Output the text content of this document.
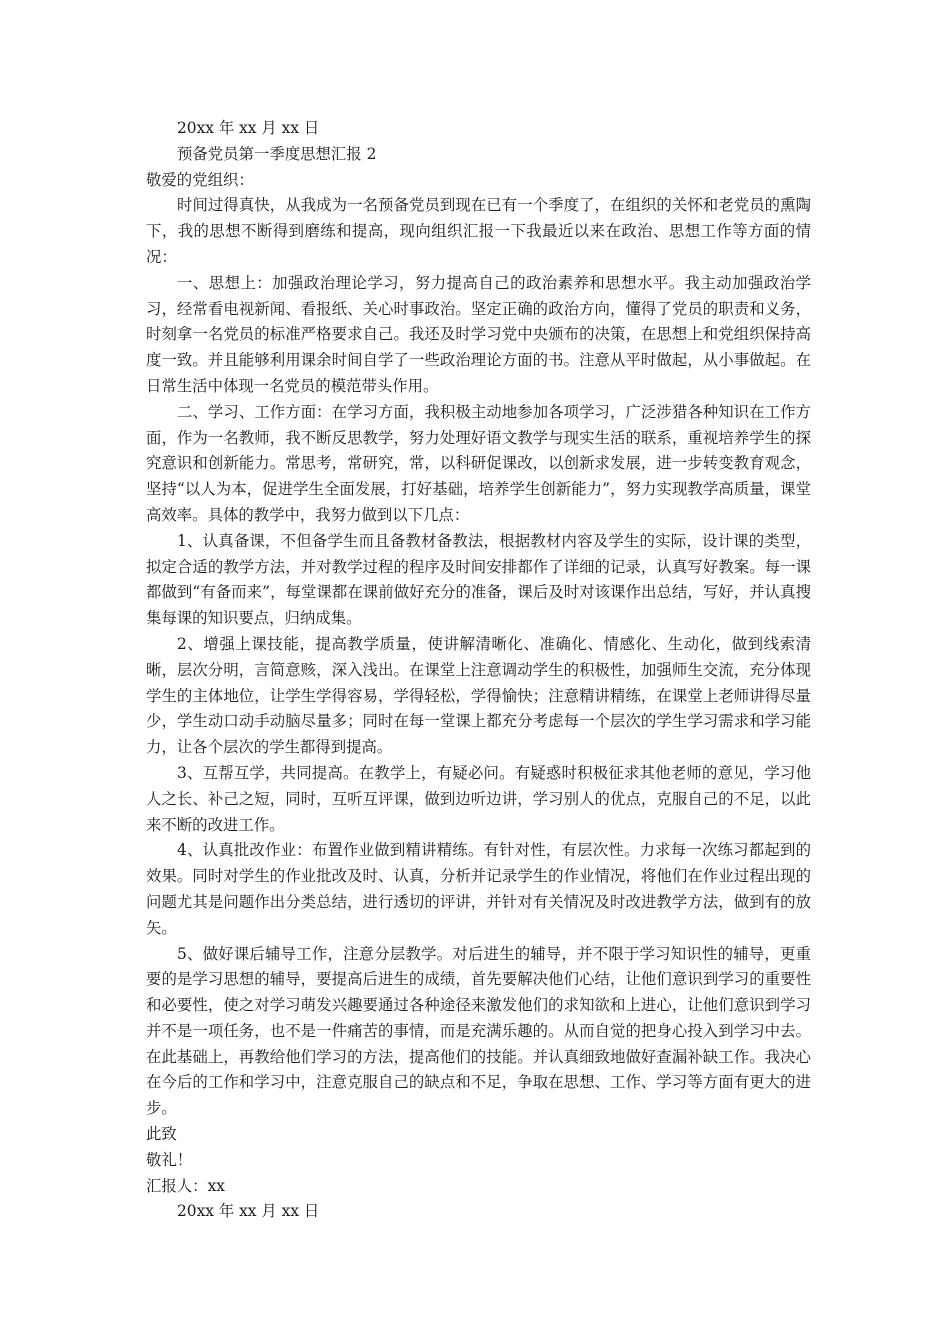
20xx 年 xx 月 xx 日
预备党员第一季度思想汇报 2
敬爱的党组织：

时间过得真快，从我成为一名预备党员到现在已有一个季度了，在组织的关怀和老党员的熏陶下，我的思想不断得到磨练和提高，现向组织汇报一下我最近以来在政治、思想工作等方面的情况：

一、思想上：加强政治理论学习，努力提高自己的政治素养和思想水平。我主动加强政治学习，经常看电视新闻、看报纸、关心时事政治。坚定正确的政治方向，懂得了党员的职责和义务，时刻拿一名党员的标准严格要求自己。我还及时学习党中央颁布的决策，在思想上和党组织保持高度一致。并且能够利用课余时间自学了一些政治理论方面的书。注意从平时做起，从小事做起。在日常生活中体现一名党员的模范带头作用。

二、学习、工作方面：在学习方面，我积极主动地参加各项学习，广泛涉猎各种知识在工作方面，作为一名教师，我不断反思教学，努力处理好语文教学与现实生活的联系，重视培养学生的探究意识和创新能力。常思考，常研究，常，以科研促课改，以创新求发展，进一步转变教育观念，坚持“以人为本，促进学生全面发展，打好基础，培养学生创新能力”，努力实现教学高质量，课堂高效率。具体的教学中，我努力做到以下几点：

1、认真备课，不但备学生而且备教材备教法，根据教材内容及学生的实际，设计课的类型，拟定合适的教学方法，并对教学过程的程序及时间安排都作了详细的记录，认真写好教案。每一课都做到“有备而来”，每堂课都在课前做好充分的准备，课后及时对该课作出总结，写好，并认真搜集每课的知识要点，归纳成集。

2、增强上课技能，提高教学质量，使讲解清晰化、准确化、情感化、生动化，做到线索清晰，层次分明，言简意赅，深入浅出。在课堂上注意调动学生的积极性，加强师生交流，充分体现学生的主体地位，让学生学得容易，学得轻松，学得愉快；注意精讲精练，在课堂上老师讲得尽量少，学生动口动手动脑尽量多；同时在每一堂课上都充分考虑每一个层次的学生学习需求和学习能力，让各个层次的学生都得到提高。

3、互帮互学，共同提高。在教学上，有疑必问。有疑惑时积极征求其他老师的意见，学习他人之长、补己之短，同时，互听互评课，做到边听边讲，学习别人的优点，克服自己的不足，以此来不断的改进工作。

4、认真批改作业：布置作业做到精讲精练。有针对性，有层次性。力求每一次练习都起到的效果。同时对学生的作业批改及时、认真，分析并记录学生的作业情况，将他们在作业过程出现的问题尤其是问题作出分类总结，进行透切的评讲，并针对有关情况及时改进教学方法，做到有的放矢。

5、做好课后辅导工作，注意分层教学。对后进生的辅导，并不限于学习知识性的辅导，更重要的是学习思想的辅导，要提高后进生的成绩，首先要解决他们心结，让他们意识到学习的重要性和必要性，使之对学习萌发兴趣要通过各种途径来激发他们的求知欲和上进心，让他们意识到学习并不是一项任务，也不是一件痛苦的事情，而是充满乐趣的。从而自觉的把身心投入到学习中去。在此基础上，再教给他们学习的方法，提高他们的技能。并认真细致地做好查漏补缺工作。我决心在今后的工作和学习中，注意克服自己的缺点和不足，争取在思想、工作、学习等方面有更大的进步。

此致
敬礼！
汇报人：xx
20xx 年 xx 月 xx 日
